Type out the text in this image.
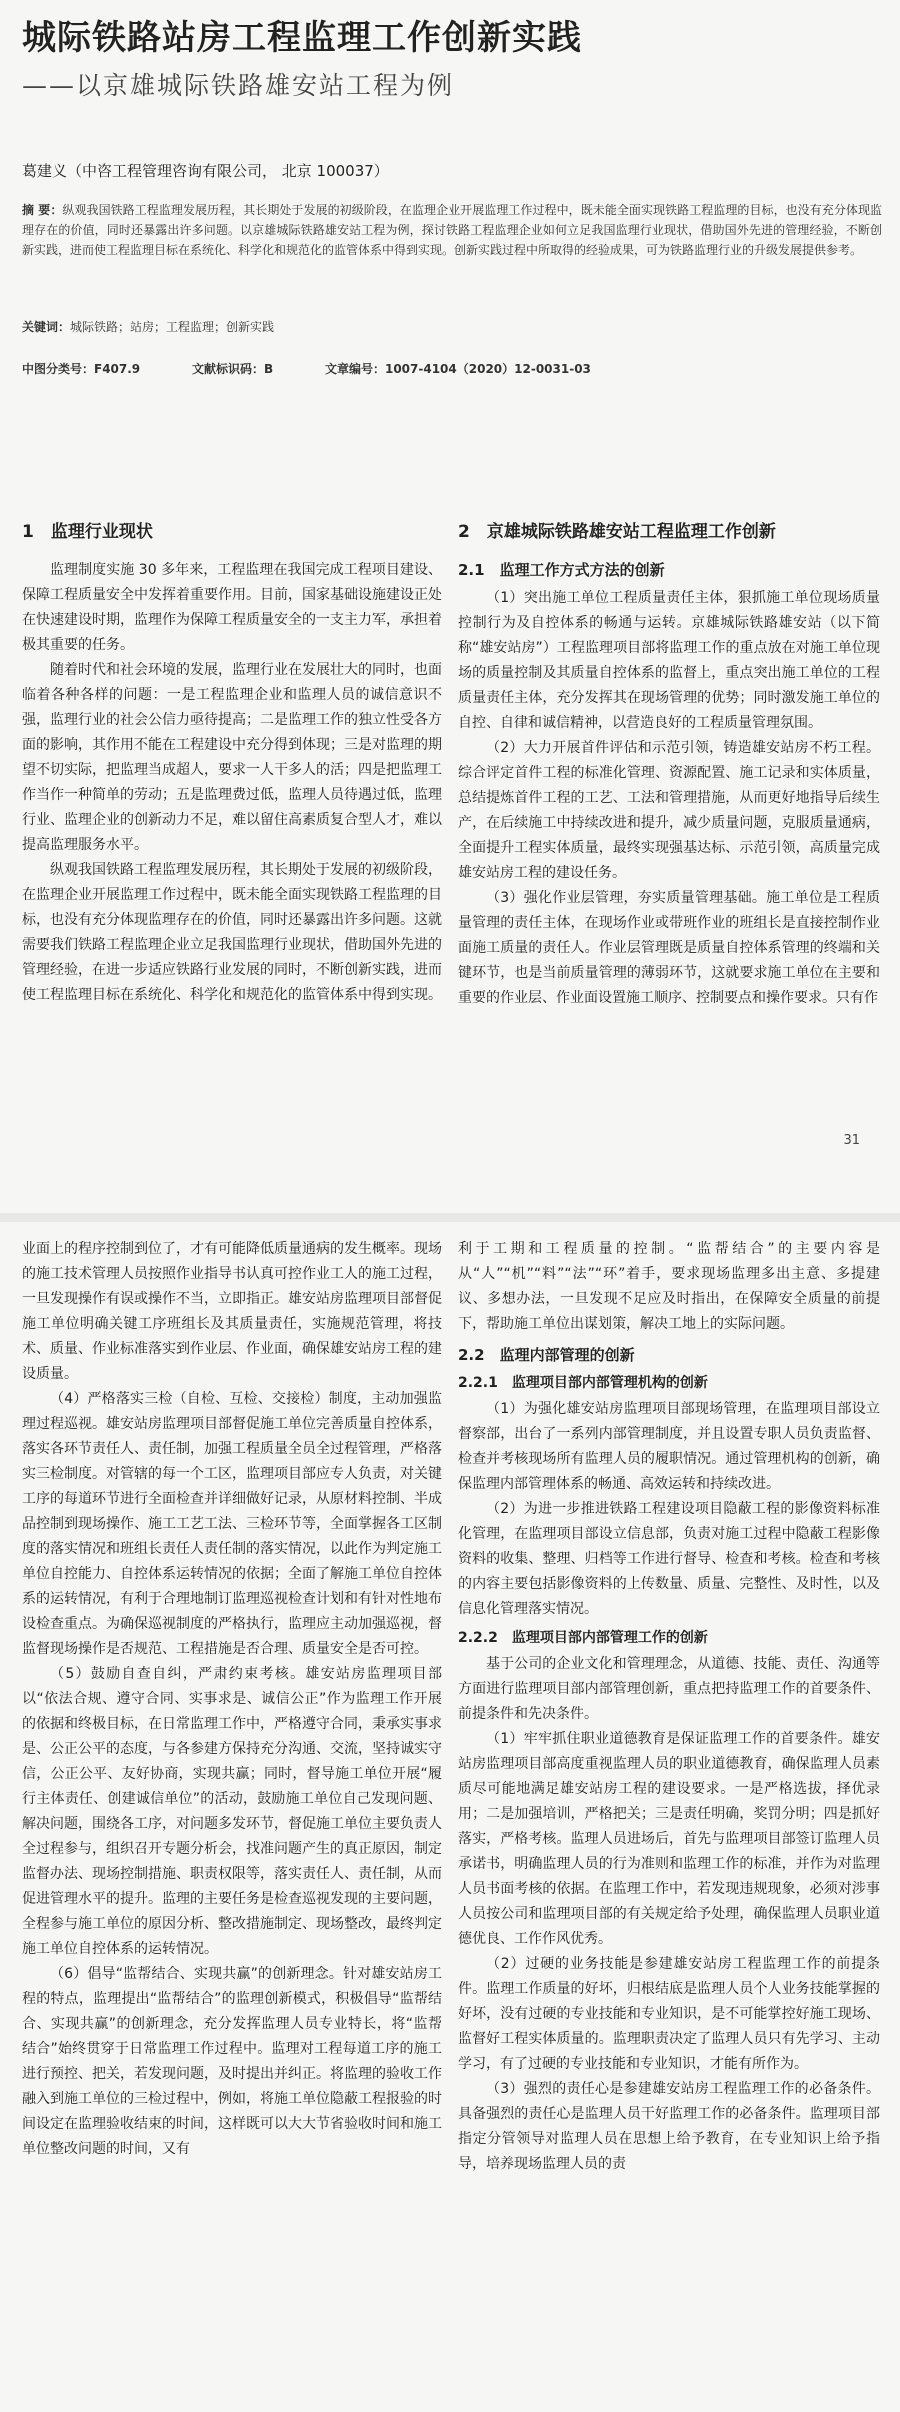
城际铁路站房工程监理工作创新实践
——以京雄城际铁路雄安站工程为例
葛建义（中咨工程管理咨询有限公司， 北京 100037）
摘 要：纵观我国铁路工程监理发展历程，其长期处于发展的初级阶段，在监理企业开展监理工作过程中，既未能全面实现铁路工程监理的目标，也没有充分体现监理存在的价值，同时还暴露出许多问题。以京雄城际铁路雄安站工程为例，探讨铁路工程监理企业如何立足我国监理行业现状，借助国外先进的管理经验，不断创新实践，进而使工程监理目标在系统化、科学化和规范化的监管体系中得到实现。创新实践过程中所取得的经验成果，可为铁路监理行业的升级发展提供参考。
关键词：城际铁路；站房；工程监理；创新实践
中图分类号：F407.9	文献标识码：B	文章编号：1007-4104（2020）12-0031-03
1　监理行业现状

监理制度实施 30 多年来，工程监理在我国完成工程项目建设、保障工程质量安全中发挥着重要作用。目前，国家基础设施建设正处在快速建设时期，监理作为保障工程质量安全的一支主力军，承担着极其重要的任务。

随着时代和社会环境的发展，监理行业在发展壮大的同时，也面临着各种各样的问题：一是工程监理企业和监理人员的诚信意识不强，监理行业的社会公信力亟待提高；二是监理工作的独立性受各方面的影响，其作用不能在工程建设中充分得到体现；三是对监理的期望不切实际，把监理当成超人，要求一人干多人的活；四是把监理工作当作一种简单的劳动；五是监理费过低，监理人员待遇过低，监理行业、监理企业的创新动力不足，难以留住高素质复合型人才，难以提高监理服务水平。

纵观我国铁路工程监理发展历程，其长期处于发展的初级阶段，在监理企业开展监理工作过程中，既未能全面实现铁路工程监理的目标，也没有充分体现监理存在的价值，同时还暴露出许多问题。这就需要我们铁路工程监理企业立足我国监理行业现状，借助国外先进的管理经验，在进一步适应铁路行业发展的同时，不断创新实践，进而使工程监理目标在系统化、科学化和规范化的监管体系中得到实现。

2　京雄城际铁路雄安站工程监理工作创新
2.1　监理工作方式方法的创新

（1）突出施工单位工程质量责任主体，狠抓施工单位现场质量控制行为及自控体系的畅通与运转。京雄城际铁路雄安站（以下简称“雄安站房”）工程监理项目部将监理工作的重点放在对施工单位现场的质量控制及其质量自控体系的监督上，重点突出施工单位的工程质量责任主体，充分发挥其在现场管理的优势；同时激发施工单位的自控、自律和诚信精神，以营造良好的工程质量管理氛围。

（2）大力开展首件评估和示范引领，铸造雄安站房不朽工程。综合评定首件工程的标准化管理、资源配置、施工记录和实体质量，总结提炼首件工程的工艺、工法和管理措施，从而更好地指导后续生产，在后续施工中持续改进和提升，减少质量问题，克服质量通病，全面提升工程实体质量，最终实现强基达标、示范引领，高质量完成雄安站房工程的建设任务。

（3）强化作业层管理，夯实质量管理基础。施工单位是工程质量管理的责任主体，在现场作业或带班作业的班组长是直接控制作业面施工质量的责任人。作业层管理既是质量自控体系管理的终端和关键环节，也是当前质量管理的薄弱环节，这就要求施工单位在主要和重要的作业层、作业面设置施工顺序、控制要点和操作要求。只有作

31

业面上的程序控制到位了，才有可能降低质量通病的发生概率。现场的施工技术管理人员按照作业指导书认真可控作业工人的施工过程，一旦发现操作有误或操作不当，立即指正。雄安站房监理项目部督促施工单位明确关键工序班组长及其质量责任，实施规范管理，将技术、质量、作业标准落实到作业层、作业面，确保雄安站房工程的建设质量。

（4）严格落实三检（自检、互检、交接检）制度，主动加强监理过程巡视。雄安站房监理项目部督促施工单位完善质量自控体系，落实各环节责任人、责任制，加强工程质量全员全过程管理，严格落实三检制度。对管辖的每一个工区，监理项目部应专人负责，对关键工序的每道环节进行全面检查并详细做好记录，从原材料控制、半成品控制到现场操作、施工工艺工法、三检环节等，全面掌握各工区制度的落实情况和班组长责任人责任制的落实情况，以此作为判定施工单位自控能力、自控体系运转情况的依据；全面了解施工单位自控体系的运转情况，有利于合理地制订监理巡视检查计划和有针对性地布设检查重点。为确保巡视制度的严格执行，监理应主动加强巡视，督监督现场操作是否规范、工程措施是否合理、质量安全是否可控。

（5）鼓励自查自纠，严肃约束考核。雄安站房监理项目部以“依法合规、遵守合同、实事求是、诚信公正”作为监理工作开展的依据和终极目标，在日常监理工作中，严格遵守合同，秉承实事求是、公正公平的态度，与各参建方保持充分沟通、交流，坚持诚实守信，公正公平、友好协商，实现共赢；同时，督导施工单位开展“履行主体责任、创建诚信单位”的活动，鼓励施工单位自己发现问题、解决问题，围绕各工序，对问题多发环节，督促施工单位主要负责人全过程参与，组织召开专题分析会，找准问题产生的真正原因，制定监督办法、现场控制措施、职责权限等，落实责任人、责任制，从而促进管理水平的提升。监理的主要任务是检查巡视发现的主要问题，全程参与施工单位的原因分析、整改措施制定、现场整改，最终判定施工单位自控体系的运转情况。

（6）倡导“监帮结合、实现共赢”的创新理念。针对雄安站房工程的特点，监理提出“监帮结合”的监理创新模式，积极倡导“监帮结合、实现共赢”的创新理念，充分发挥监理人员专业特长，将“监帮结合”始终贯穿于日常监理工作过程中。监理对工程每道工序的施工进行预控、把关，若发现问题，及时提出并纠正。将监理的验收工作融入到施工单位的三检过程中，例如，将施工单位隐蔽工程报验的时间设定在监理验收结束的时间，这样既可以大大节省验收时间和施工单位整改问题的时间，又有

利于工期和工程质量的控制。“监帮结合”的主要内容是从“人”“机”“料”“法”“环”着手，要求现场监理多出主意、多提建议、多想办法，一旦发现不足应及时指出，在保障安全质量的前提下，帮助施工单位出谋划策，解决工地上的实际问题。

2.2　监理内部管理的创新
2.2.1　监理项目部内部管理机构的创新

（1）为强化雄安站房监理项目部现场管理，在监理项目部设立督察部，出台了一系列内部管理制度，并且设置专职人员负责监督、检查并考核现场所有监理人员的履职情况。通过管理机构的创新，确保监理内部管理体系的畅通、高效运转和持续改进。

（2）为进一步推进铁路工程建设项目隐蔽工程的影像资料标准化管理，在监理项目部设立信息部，负责对施工过程中隐蔽工程影像资料的收集、整理、归档等工作进行督导、检查和考核。检查和考核的内容主要包括影像资料的上传数量、质量、完整性、及时性，以及信息化管理落实情况。

2.2.2　监理项目部内部管理工作的创新

基于公司的企业文化和管理理念，从道德、技能、责任、沟通等方面进行监理项目部内部管理创新，重点把持监理工作的首要条件、前提条件和先决条件。

（1）牢牢抓住职业道德教育是保证监理工作的首要条件。雄安站房监理项目部高度重视监理人员的职业道德教育，确保监理人员素质尽可能地满足雄安站房工程的建设要求。一是严格选拔，择优录用；二是加强培训，严格把关；三是责任明确，奖罚分明；四是抓好落实，严格考核。监理人员进场后，首先与监理项目部签订监理人员承诺书，明确监理人员的行为准则和监理工作的标准，并作为对监理人员书面考核的依据。在监理工作中，若发现违规现象，必须对涉事人员按公司和监理项目部的有关规定给予处理，确保监理人员职业道德优良、工作作风优秀。

（2）过硬的业务技能是参建雄安站房工程监理工作的前提条件。监理工作质量的好坏，归根结底是监理人员个人业务技能掌握的好坏，没有过硬的专业技能和专业知识，是不可能掌控好施工现场、监督好工程实体质量的。监理职责决定了监理人员只有先学习、主动学习，有了过硬的专业技能和专业知识，才能有所作为。

（3）强烈的责任心是参建雄安站房工程监理工作的必备条件。具备强烈的责任心是监理人员干好监理工作的必备条件。监理项目部指定分管领导对监理人员在思想上给予教育，在专业知识上给予指导，培养现场监理人员的责
